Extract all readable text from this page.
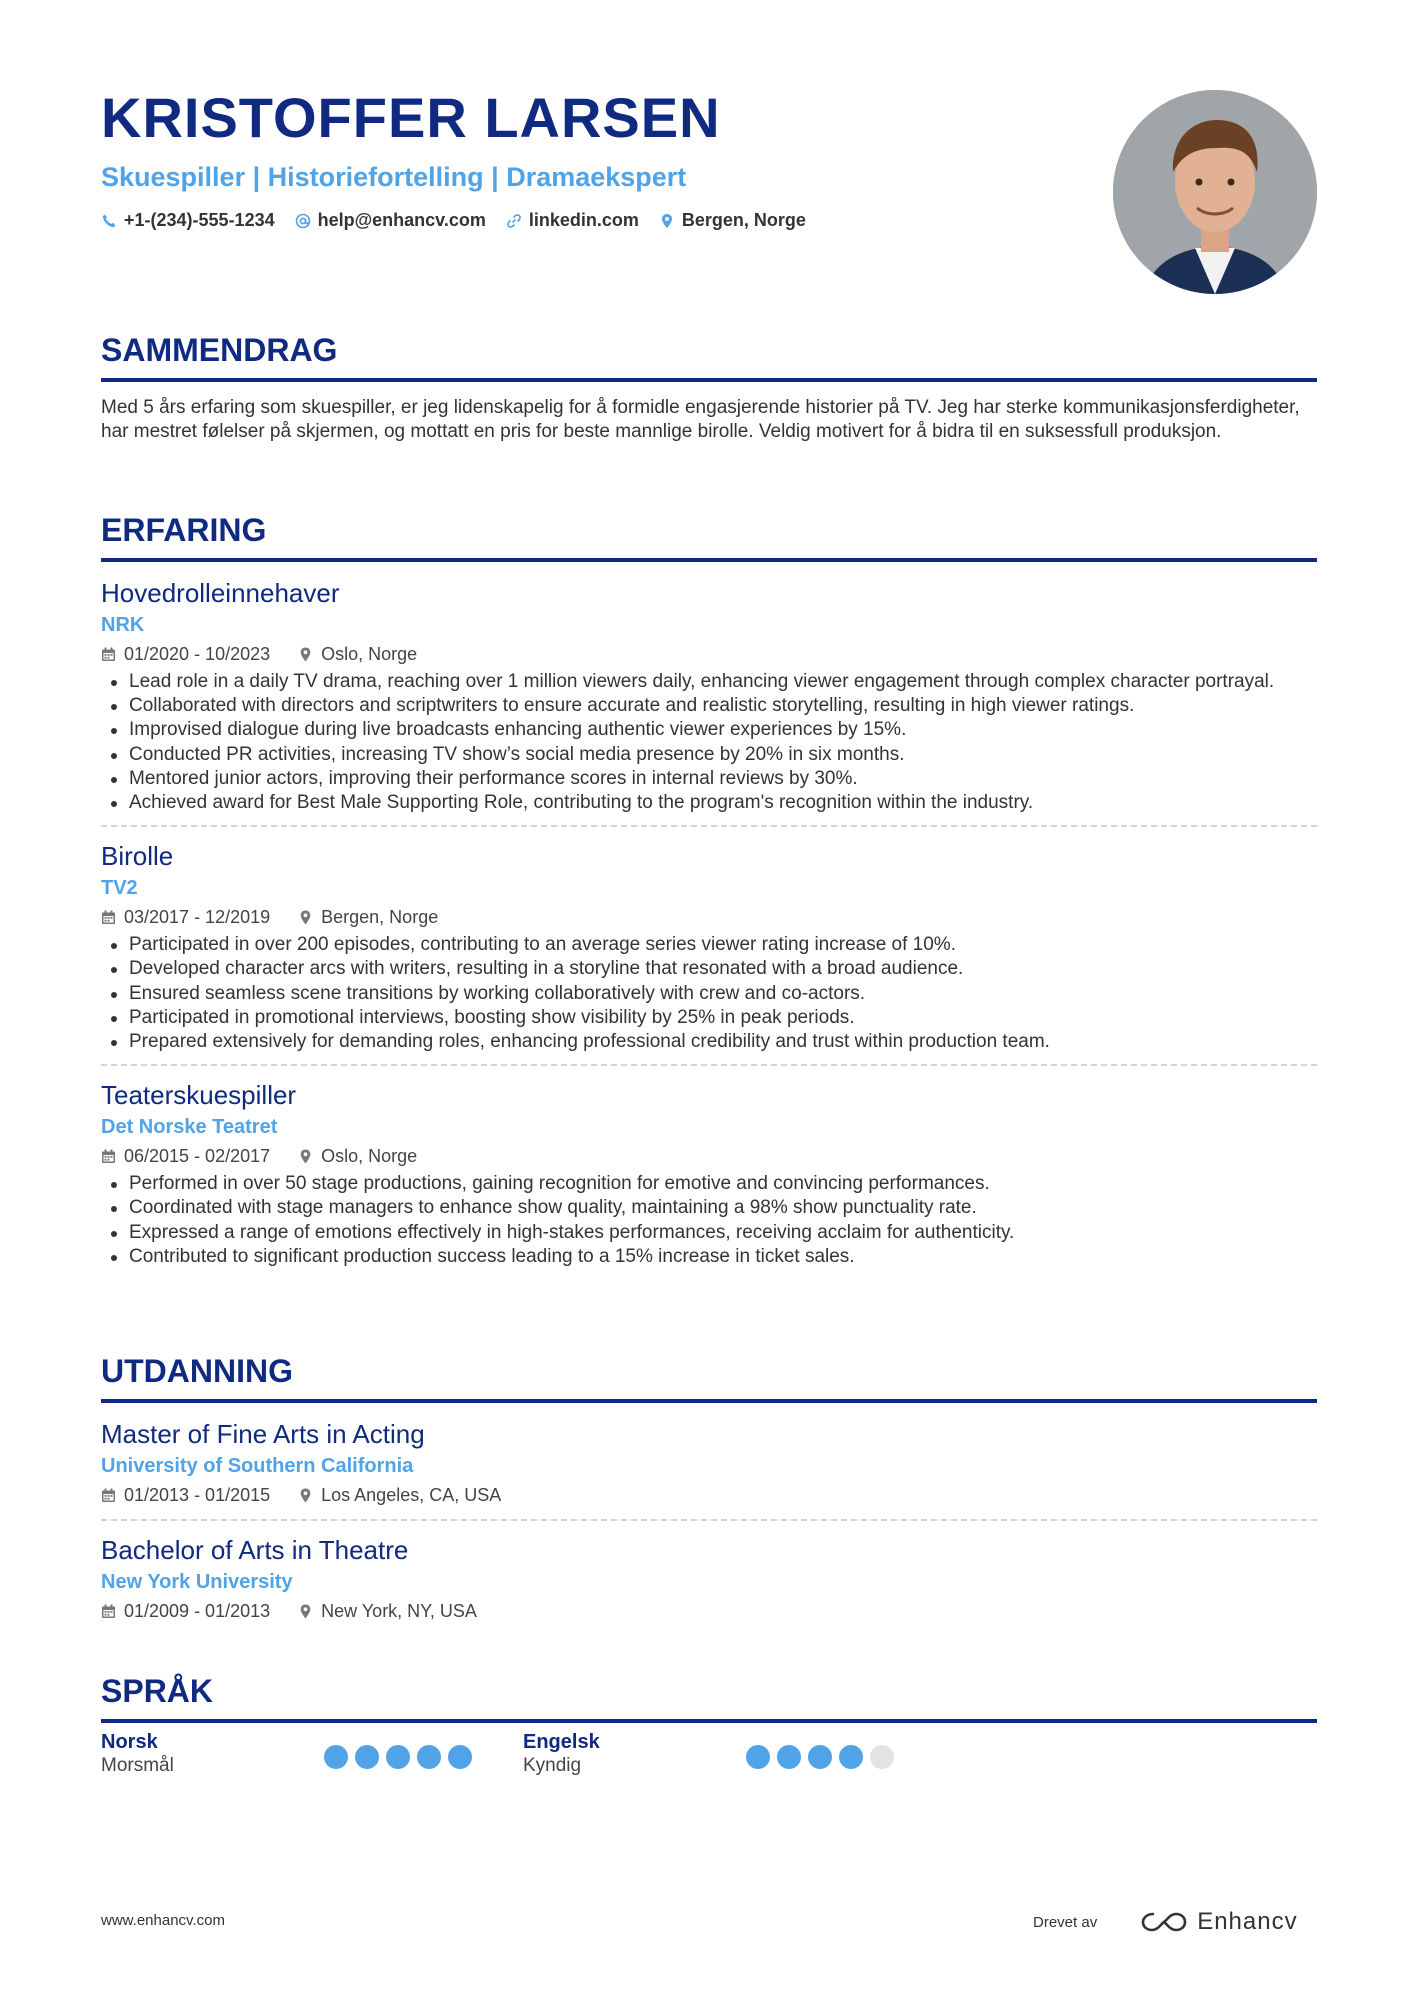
KRISTOFFER LARSEN
Skuespiller | Historiefortelling | Dramaekspert
+1-(234)-555-1234 help@enhancv.com linkedin.com Bergen, Norge
SAMMENDRAG
Med 5 års erfaring som skuespiller, er jeg lidenskapelig for å formidle engasjerende historier på TV. Jeg har sterke kommunikasjonsferdigheter, har mestret følelser på skjermen, og mottatt en pris for beste mannlige birolle. Veldig motivert for å bidra til en suksessfull produksjon.
ERFARING
Hovedrolleinnehaver
NRK
01/2020 - 10/2023	Oslo, Norge
Lead role in a daily TV drama, reaching over 1 million viewers daily, enhancing viewer engagement through complex character portrayal.
Collaborated with directors and scriptwriters to ensure accurate and realistic storytelling, resulting in high viewer ratings.
Improvised dialogue during live broadcasts enhancing authentic viewer experiences by 15%.
Conducted PR activities, increasing TV show’s social media presence by 20% in six months.
Mentored junior actors, improving their performance scores in internal reviews by 30%.
Achieved award for Best Male Supporting Role, contributing to the program's recognition within the industry.
Birolle
TV2
03/2017 - 12/2019	Bergen, Norge
Participated in over 200 episodes, contributing to an average series viewer rating increase of 10%.
Developed character arcs with writers, resulting in a storyline that resonated with a broad audience.
Ensured seamless scene transitions by working collaboratively with crew and co-actors.
Participated in promotional interviews, boosting show visibility by 25% in peak periods.
Prepared extensively for demanding roles, enhancing professional credibility and trust within production team.
Teaterskuespiller
Det Norske Teatret
06/2015 - 02/2017	Oslo, Norge
Performed in over 50 stage productions, gaining recognition for emotive and convincing performances.
Coordinated with stage managers to enhance show quality, maintaining a 98% show punctuality rate.
Expressed a range of emotions effectively in high-stakes performances, receiving acclaim for authenticity.
Contributed to significant production success leading to a 15% increase in ticket sales.
UTDANNING
Master of Fine Arts in Acting
University of Southern California
01/2013 - 01/2015	Los Angeles, CA, USA
Bachelor of Arts in Theatre
New York University
01/2009 - 01/2013	New York, NY, USA
SPRÅK
Norsk
Morsmål
Engelsk
Kyndig
www.enhancv.com	Drevet av	Enhancv
